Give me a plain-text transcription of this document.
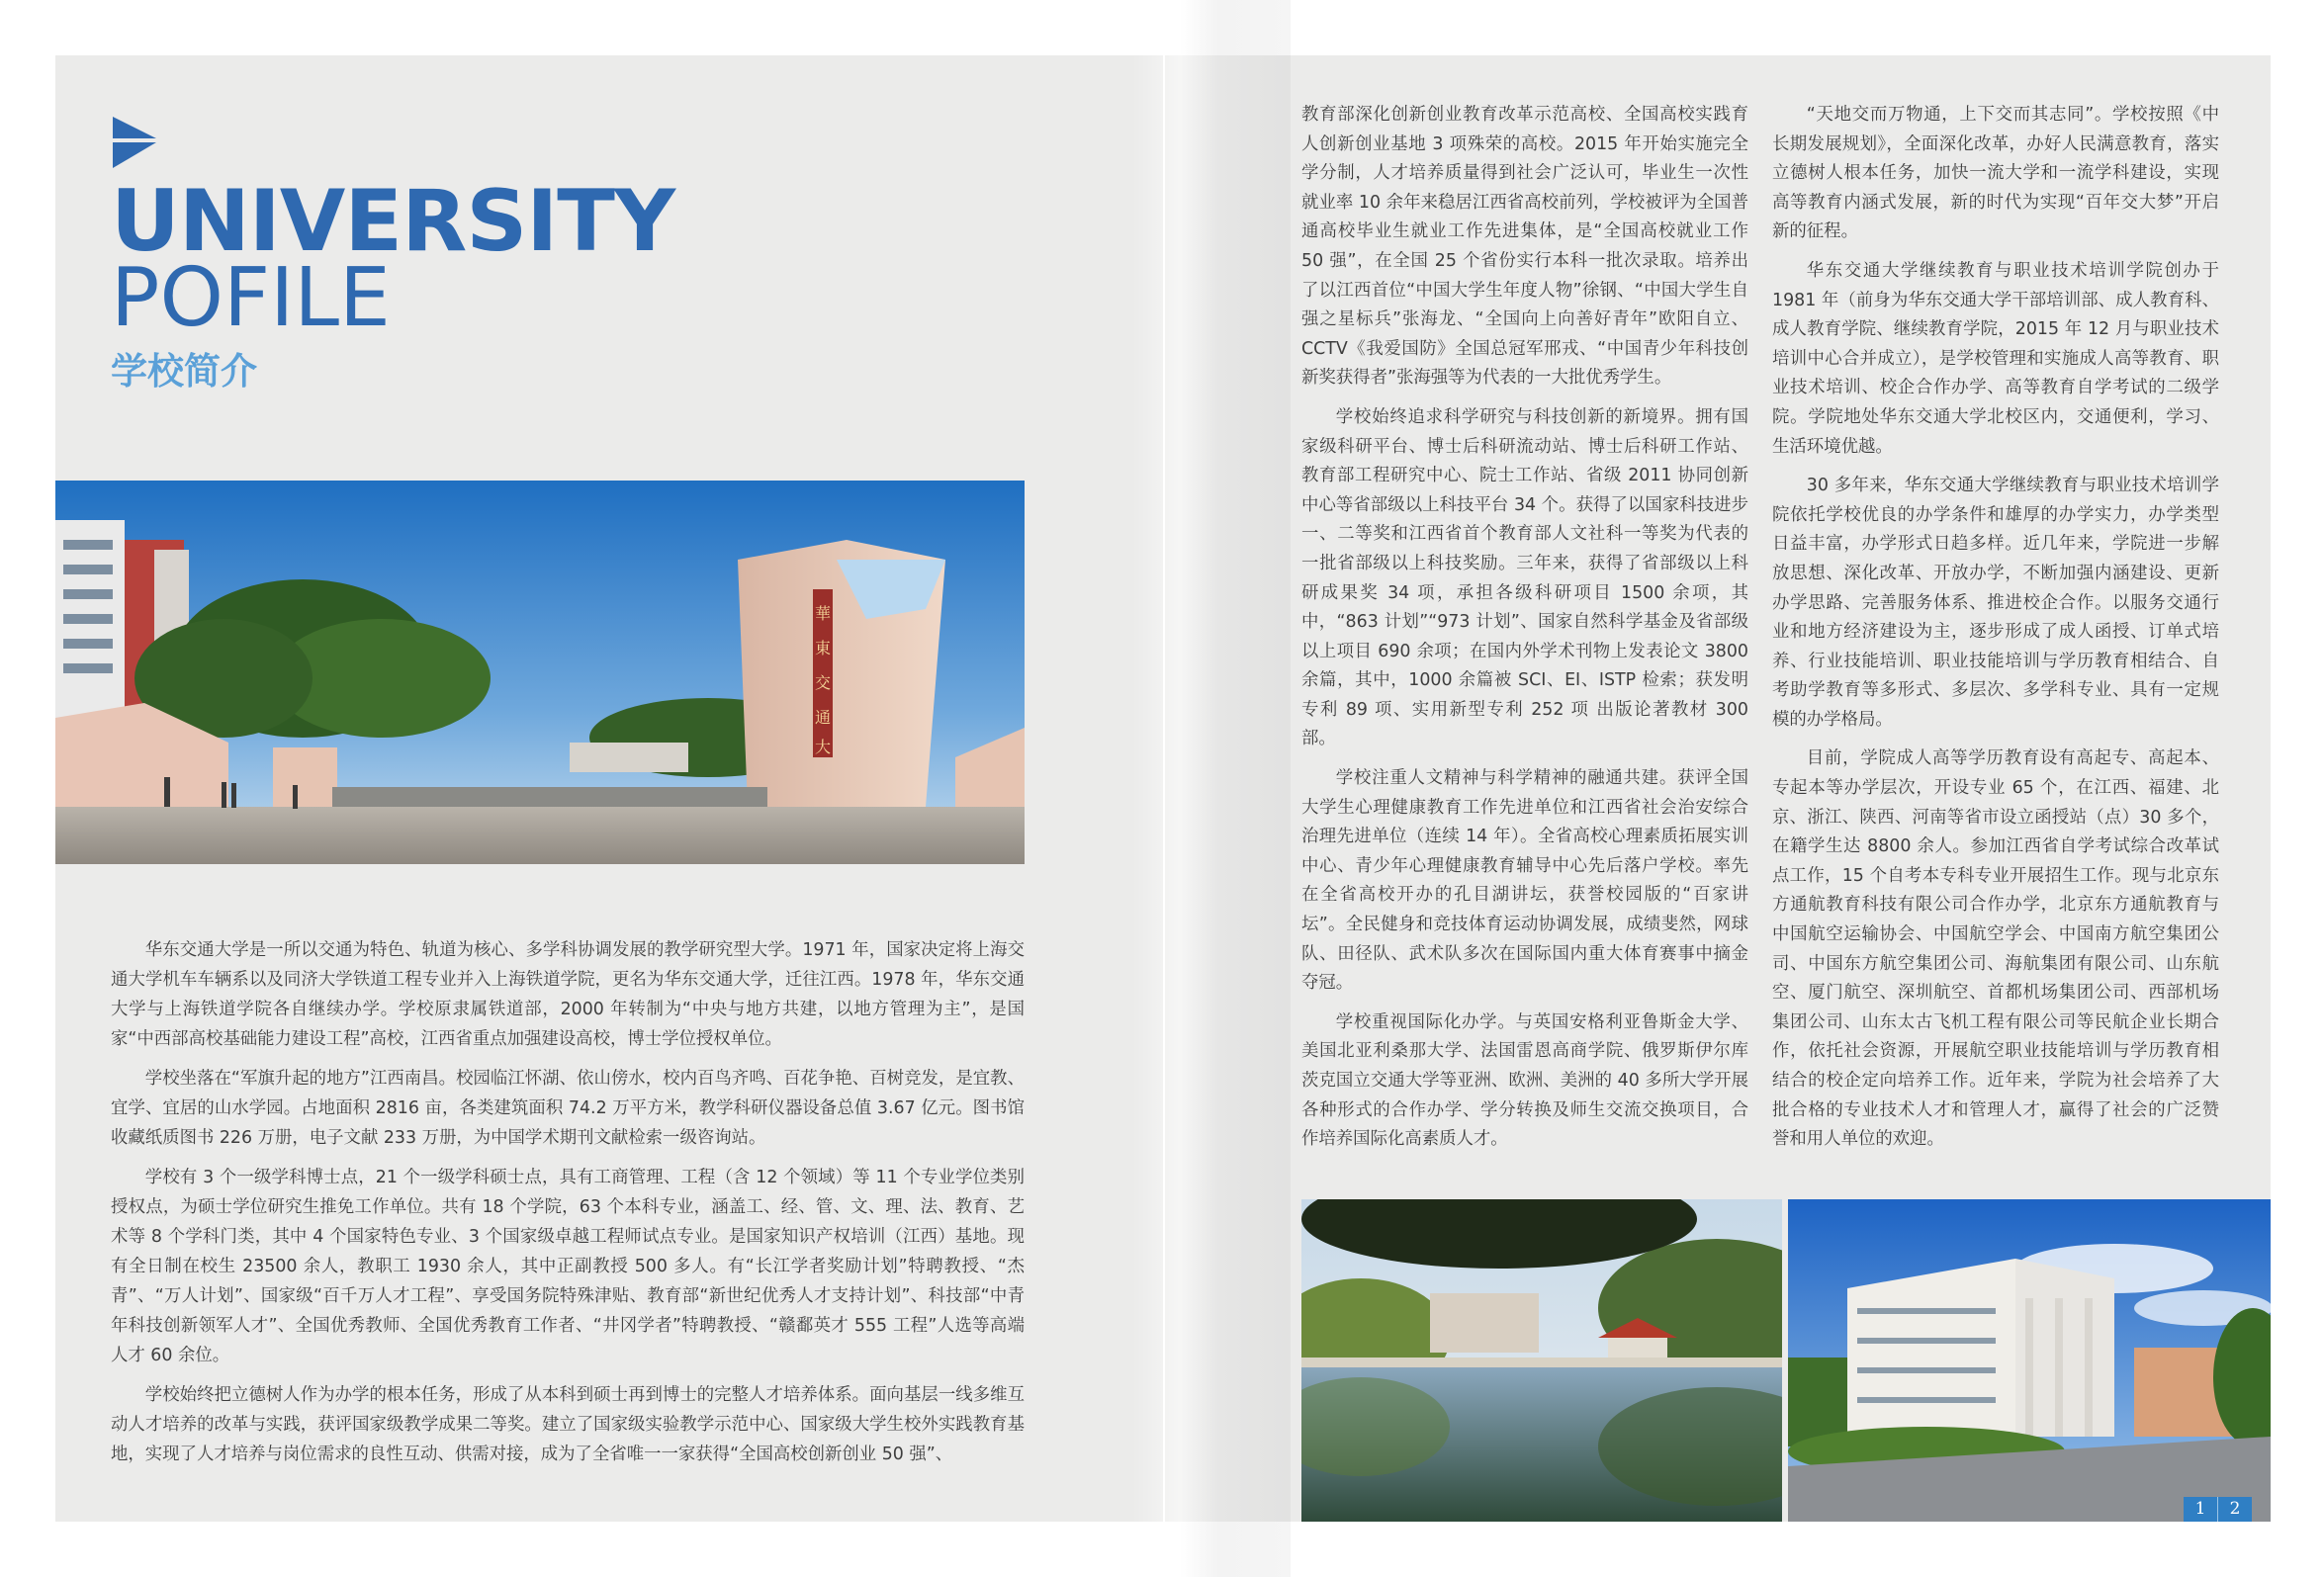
UNIVERSITY
POFILE
学校简介
華
東
交
通
大

华东交通大学是一所以交通为特色、轨道为核心、多学科协调发展的教学研究型大学。1971 年，国家决定将上海交通大学机车车辆系以及同济大学铁道工程专业并入上海铁道学院，更名为华东交通大学，迁往江西。1978 年，华东交通大学与上海铁道学院各自继续办学。学校原隶属铁道部，2000 年转制为“中央与地方共建，以地方管理为主”，是国家“中西部高校基础能力建设工程”高校，江西省重点加强建设高校，博士学位授权单位。

学校坐落在“军旗升起的地方”江西南昌。校园临江怀湖、依山傍水，校内百鸟齐鸣、百花争艳、百树竞发，是宜教、宜学、宜居的山水学园。占地面积 2816 亩，各类建筑面积 74.2 万平方米，教学科研仪器设备总值 3.67 亿元。图书馆收藏纸质图书 226 万册，电子文献 233 万册，为中国学术期刊文献检索一级咨询站。

学校有 3 个一级学科博士点，21 个一级学科硕士点，具有工商管理、工程（含 12 个领域）等 11 个专业学位类别授权点，为硕士学位研究生推免工作单位。共有 18 个学院，63 个本科专业，涵盖工、经、管、文、理、法、教育、艺术等 8 个学科门类，其中 4 个国家特色专业、3 个国家级卓越工程师试点专业。是国家知识产权培训（江西）基地。现有全日制在校生 23500 余人，教职工 1930 余人，其中正副教授 500 多人。有“长江学者奖励计划”特聘教授、“杰青”、“万人计划”、国家级“百千万人才工程”、享受国务院特殊津贴、教育部“新世纪优秀人才支持计划”、科技部“中青年科技创新领军人才”、全国优秀教师、全国优秀教育工作者、“井冈学者”特聘教授、“赣鄱英才 555 工程”人选等高端人才 60 余位。

学校始终把立德树人作为办学的根本任务，形成了从本科到硕士再到博士的完整人才培养体系。面向基层一线多维互动人才培养的改革与实践，获评国家级教学成果二等奖。建立了国家级实验教学示范中心、国家级大学生校外实践教育基地，实现了人才培养与岗位需求的良性互动、供需对接，成为了全省唯一一家获得“全国高校创新创业 50 强”、

教育部深化创新创业教育改革示范高校、全国高校实践育人创新创业基地 3 项殊荣的高校。2015 年开始实施完全学分制，人才培养质量得到社会广泛认可，毕业生一次性就业率 10 余年来稳居江西省高校前列，学校被评为全国普通高校毕业生就业工作先进集体，是“全国高校就业工作 50 强”，在全国 25 个省份实行本科一批次录取。培养出了以江西首位“中国大学生年度人物”徐钢、“中国大学生自强之星标兵”张海龙、“全国向上向善好青年”欧阳自立、CCTV《我爱国防》全国总冠军邢戎、“中国青少年科技创新奖获得者”张海强等为代表的一大批优秀学生。

学校始终追求科学研究与科技创新的新境界。拥有国家级科研平台、博士后科研流动站、博士后科研工作站、教育部工程研究中心、院士工作站、省级 2011 协同创新中心等省部级以上科技平台 34 个。获得了以国家科技进步一、二等奖和江西省首个教育部人文社科一等奖为代表的一批省部级以上科技奖励。三年来，获得了省部级以上科研成果奖 34 项，承担各级科研项目 1500 余项，其中，“863 计划”“973 计划”、国家自然科学基金及省部级以上项目 690 余项；在国内外学术刊物上发表论文 3800 余篇，其中，1000 余篇被 SCI、EI、ISTP 检索；获发明专利 89 项、实用新型专利 252 项 出版论著教材 300 部。

学校注重人文精神与科学精神的融通共建。获评全国大学生心理健康教育工作先进单位和江西省社会治安综合治理先进单位（连续 14 年）。全省高校心理素质拓展实训中心、青少年心理健康教育辅导中心先后落户学校。率先在全省高校开办的孔目湖讲坛，获誉校园版的“百家讲坛”。全民健身和竞技体育运动协调发展，成绩斐然，网球队、田径队、武术队多次在国际国内重大体育赛事中摘金夺冠。

学校重视国际化办学。与英国安格利亚鲁斯金大学、美国北亚利桑那大学、法国雷恩高商学院、俄罗斯伊尔库茨克国立交通大学等亚洲、欧洲、美洲的 40 多所大学开展各种形式的合作办学、学分转换及师生交流交换项目，合作培养国际化高素质人才。

“天地交而万物通，上下交而其志同”。学校按照《中长期发展规划》，全面深化改革，办好人民满意教育，落实立德树人根本任务，加快一流大学和一流学科建设，实现高等教育内涵式发展，新的时代为实现“百年交大梦”开启新的征程。

华东交通大学继续教育与职业技术培训学院创办于 1981 年（前身为华东交通大学干部培训部、成人教育科、成人教育学院、继续教育学院，2015 年 12 月与职业技术培训中心合并成立），是学校管理和实施成人高等教育、职业技术培训、校企合作办学、高等教育自学考试的二级学院。学院地处华东交通大学北校区内，交通便利，学习、生活环境优越。

30 多年来，华东交通大学继续教育与职业技术培训学院依托学校优良的办学条件和雄厚的办学实力，办学类型日益丰富，办学形式日趋多样。近几年来，学院进一步解放思想、深化改革、开放办学，不断加强内涵建设、更新办学思路、完善服务体系、推进校企合作。以服务交通行业和地方经济建设为主，逐步形成了成人函授、订单式培养、行业技能培训、职业技能培训与学历教育相结合、自考助学教育等多形式、多层次、多学科专业、具有一定规模的办学格局。

目前，学院成人高等学历教育设有高起专、高起本、专起本等办学层次，开设专业 65 个，在江西、福建、北京、浙江、陕西、河南等省市设立函授站（点）30 多个，在籍学生达 8800 余人。参加江西省自学考试综合改革试点工作，15 个自考本专科专业开展招生工作。现与北京东方通航教育科技有限公司合作办学，北京东方通航教育与中国航空运输协会、中国航空学会、中国南方航空集团公司、中国东方航空集团公司、海航集团有限公司、山东航空、厦门航空、深圳航空、首都机场集团公司、西部机场集团公司、山东太古飞机工程有限公司等民航企业长期合作，依托社会资源，开展航空职业技能培训与学历教育相结合的校企定向培养工作。近年来，学院为社会培养了大批合格的专业技术人才和管理人才，赢得了社会的广泛赞誉和用人单位的欢迎。

1	2
